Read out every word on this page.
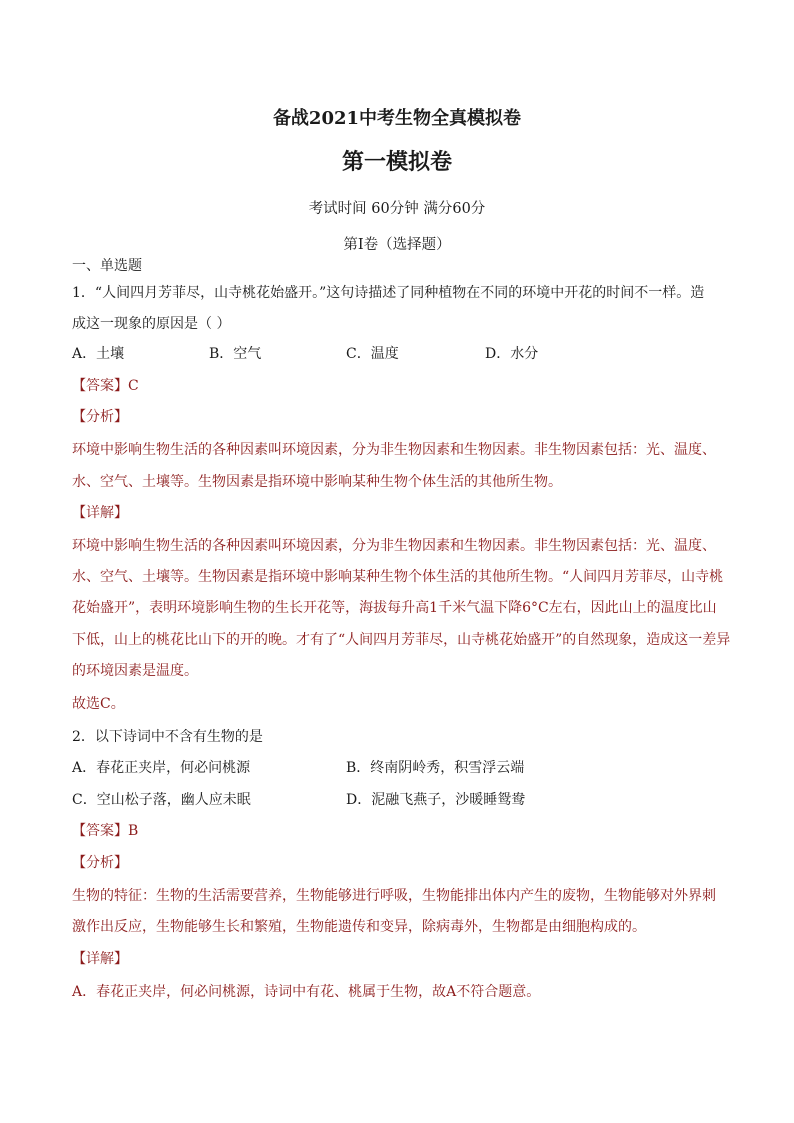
备战2021中考生物全真模拟卷
第一模拟卷
考试时间 60分钟 满分60分
第I卷（选择题）
一、单选题
1．“人间四月芳菲尽，山寺桃花始盛开。”这句诗描述了同种植物在不同的环境中开花的时间不一样。造
成这一现象的原因是（ ）
A．土壤	B．空气	C．温度	D．水分
【答案】C
【分析】
环境中影响生物生活的各种因素叫环境因素，分为非生物因素和生物因素。非生物因素包括：光、温度、
水、空气、土壤等。生物因素是指环境中影响某种生物个体生活的其他所生物。
【详解】
环境中影响生物生活的各种因素叫环境因素，分为非生物因素和生物因素。非生物因素包括：光、温度、
水、空气、土壤等。生物因素是指环境中影响某种生物个体生活的其他所生物。“人间四月芳菲尽，山寺桃
花始盛开”，表明环境影响生物的生长开花等，海拔每升高1千米气温下降6°C左右，因此山上的温度比山
下低，山上的桃花比山下的开的晚。才有了“人间四月芳菲尽，山寺桃花始盛开”的自然现象，造成这一差异
的环境因素是温度。
故选C。
2．以下诗词中不含有生物的是
A．春花正夹岸，何必问桃源	B．终南阴岭秀，积雪浮云端
C．空山松子落，幽人应未眠	D．泥融飞燕子，沙暖睡鸳鸯
【答案】B
【分析】
生物的特征：生物的生活需要营养，生物能够进行呼吸，生物能排出体内产生的废物，生物能够对外界刺
激作出反应，生物能够生长和繁殖，生物能遗传和变异，除病毒外，生物都是由细胞构成的。
【详解】
A．春花正夹岸，何必问桃源，诗词中有花、桃属于生物，故A不符合题意。
